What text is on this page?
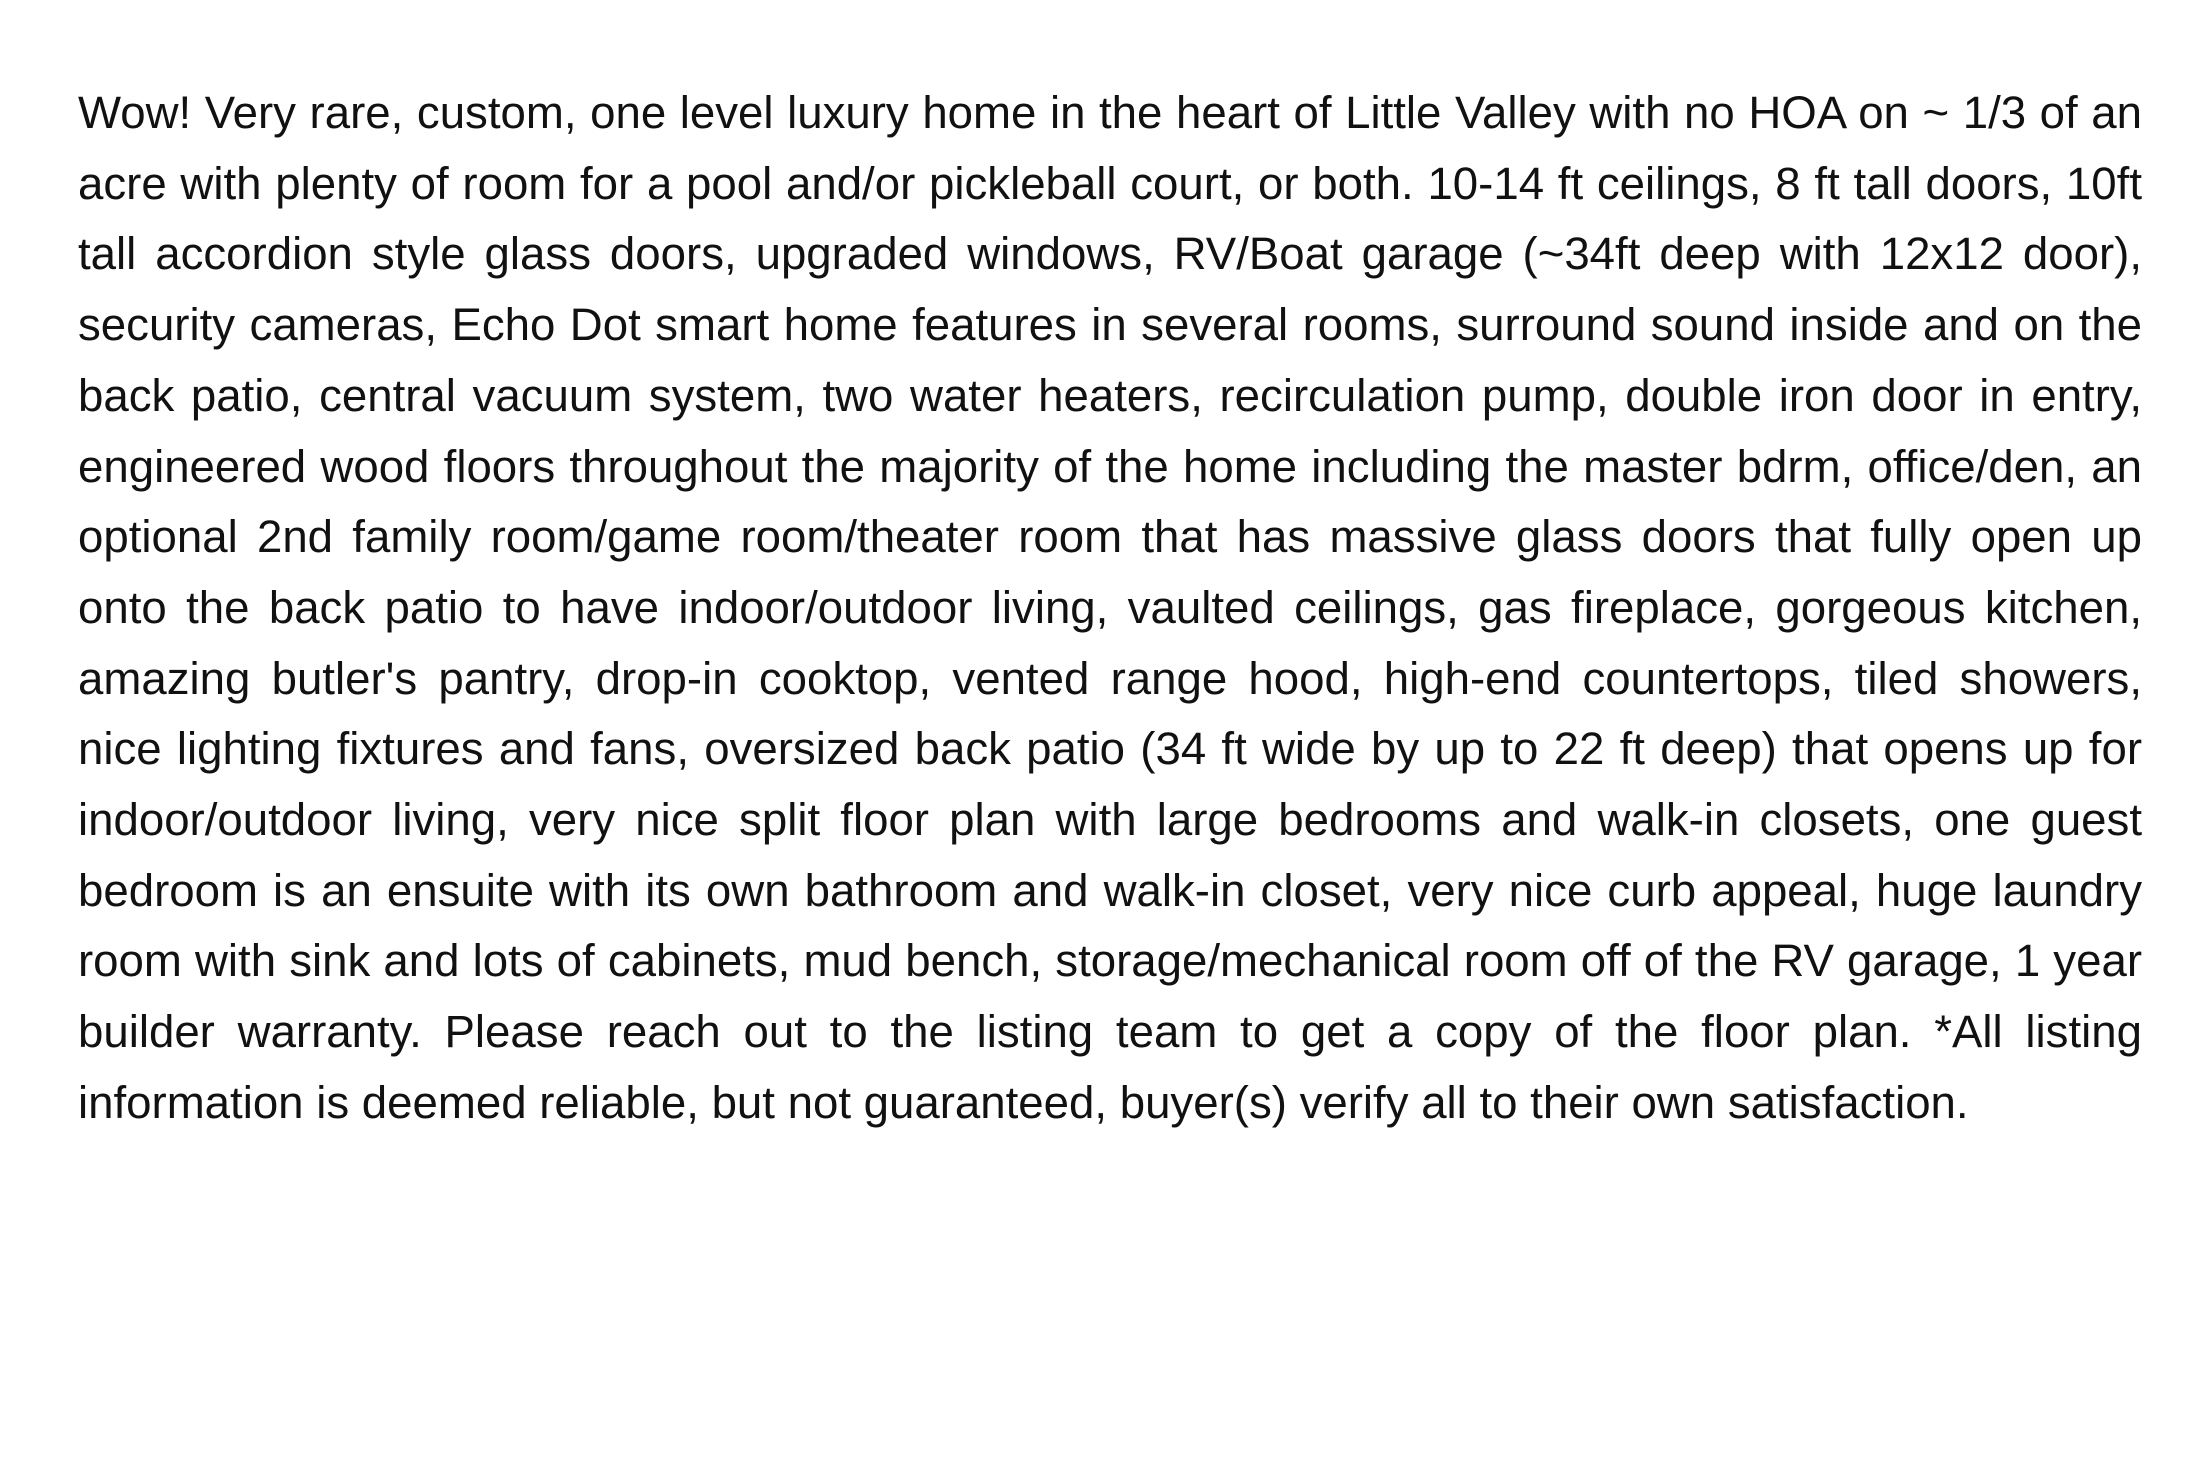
Wow! Very rare, custom, one level luxury home in the heart of Little Valley with no HOA on ~ 1/3 of an acre with plenty of room for a pool and/or pickleball court, or both. 10-14 ft ceilings, 8 ft tall doors, 10ft tall accordion style glass doors, upgraded windows, RV/Boat garage (~34ft deep with 12x12 door), security cameras, Echo Dot smart home features in several rooms, surround sound inside and on the back patio, central vacuum system, two water heaters, recirculation pump, double iron door in entry, engineered wood floors throughout the majority of the home including the master bdrm, office/den, an optional 2nd family room/game room/theater room that has massive glass doors that fully open up onto the back patio to have indoor/outdoor living, vaulted ceilings, gas fireplace, gorgeous kitchen, amazing butler's pantry, drop-in cooktop, vented range hood, high-end countertops, tiled showers, nice lighting fixtures and fans, oversized back patio (34 ft wide by up to 22 ft deep) that opens up for indoor/outdoor living, very nice split floor plan with large bedrooms and walk-in closets, one guest bedroom is an ensuite with its own bathroom and walk-in closet, very nice curb appeal, huge laundry room with sink and lots of cabinets, mud bench, storage/mechanical room off of the RV garage, 1 year builder warranty. Please reach out to the listing team to get a copy of the floor plan. *All listing information is deemed reliable, but not guaranteed, buyer(s) verify all to their own satisfaction.
